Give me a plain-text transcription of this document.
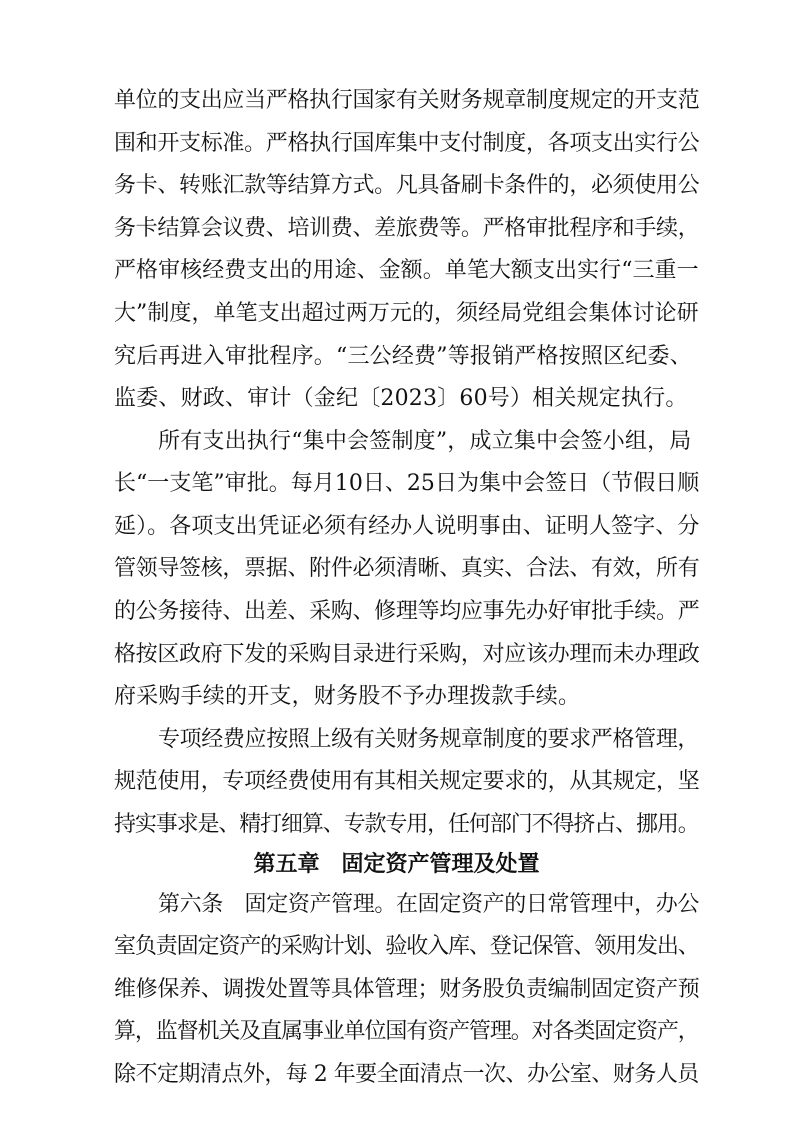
单位的支出应当严格执行国家有关财务规章制度规定的开支范
围和开支标准。严格执行国库集中支付制度，各项支出实行公
务卡、转账汇款等结算方式。凡具备刷卡条件的，必须使用公
务卡结算会议费、培训费、差旅费等。严格审批程序和手续，
严格审核经费支出的用途、金额。单笔大额支出实行“三重一
大”制度，单笔支出超过两万元的，须经局党组会集体讨论研
究后再进入审批程序。“三公经费”等报销严格按照区纪委、
监委、财政、审计（金纪〔2023〕60号）相关规定执行。
所有支出执行“集中会签制度”，成立集中会签小组，局
长“一支笔”审批。每月10日、25日为集中会签日（节假日顺
延）。各项支出凭证必须有经办人说明事由、证明人签字、分
管领导签核，票据、附件必须清晰、真实、合法、有效，所有
的公务接待、出差、采购、修理等均应事先办好审批手续。严
格按区政府下发的采购目录进行采购，对应该办理而未办理政
府采购手续的开支，财务股不予办理拨款手续。
专项经费应按照上级有关财务规章制度的要求严格管理，
规范使用，专项经费使用有其相关规定要求的，从其规定，坚
持实事求是、精打细算、专款专用，任何部门不得挤占、挪用。
第五章　固定资产管理及处置
第六条　固定资产管理。在固定资产的日常管理中，办公
室负责固定资产的采购计划、验收入库、登记保管、领用发出、
维修保养、调拨处置等具体管理；财务股负责编制固定资产预
算，监督机关及直属事业单位国有资产管理。对各类固定资产，
除不定期清点外，每 2 年要全面清点一次、办公室、财务人员
